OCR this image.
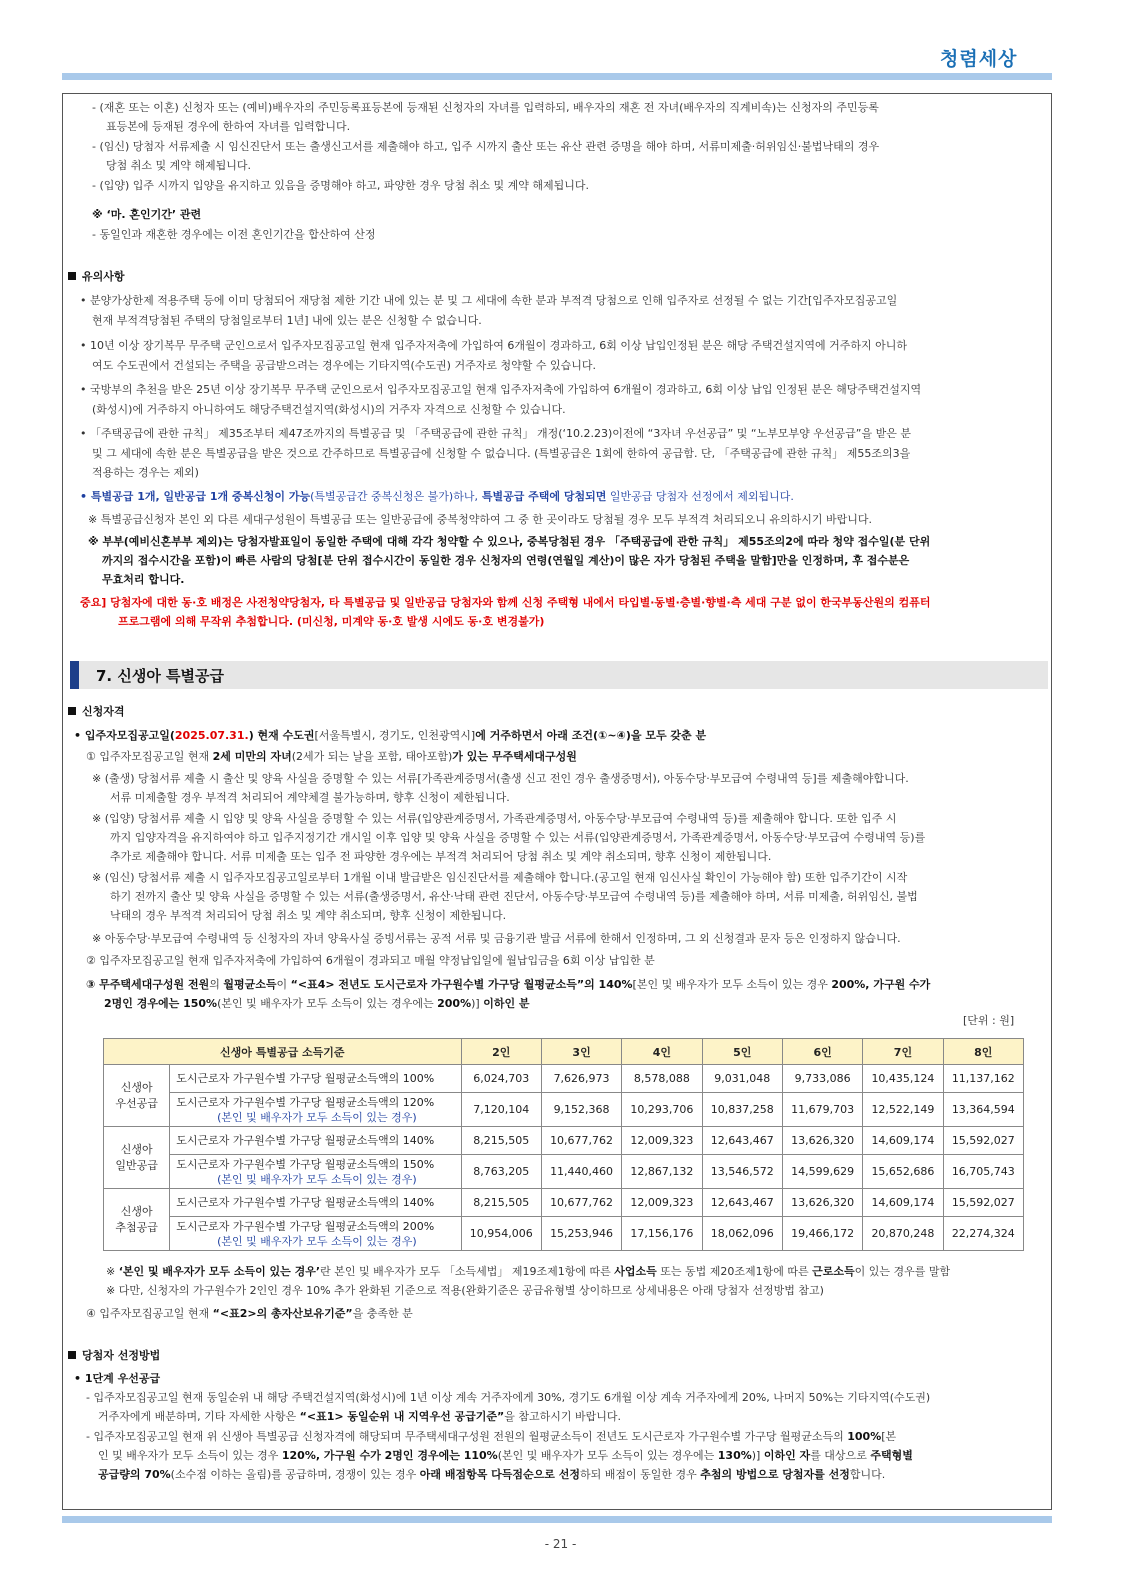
청렴세상
- (재혼 또는 이혼) 신청자 또는 (예비)배우자의 주민등록표등본에 등재된 신청자의 자녀를 입력하되, 배우자의 재혼 전 자녀(배우자의 직계비속)는 신청자의 주민등록
표등본에 등재된 경우에 한하여 자녀를 입력합니다.
- (임신) 당첨자 서류제출 시 임신진단서 또는 출생신고서를 제출해야 하고, 입주 시까지 출산 또는 유산 관련 증명을 해야 하며, 서류미제출·허위임신·불법낙태의 경우
당첨 취소 및 계약 해제됩니다.
- (입양) 입주 시까지 입양을 유지하고 있음을 증명해야 하고, 파양한 경우 당첨 취소 및 계약 해제됩니다.
※ ‘마. 혼인기간’ 관련
- 동일인과 재혼한 경우에는 이전 혼인기간을 합산하여 산정
유의사항
• 분양가상한제 적용주택 등에 이미 당첨되어 재당첨 제한 기간 내에 있는 분 및 그 세대에 속한 분과 부적격 당첨으로 인해 입주자로 선정될 수 없는 기간[입주자모집공고일
현재 부적격당첨된 주택의 당첨일로부터 1년] 내에 있는 분은 신청할 수 없습니다.
• 10년 이상 장기복무 무주택 군인으로서 입주자모집공고일 현재 입주자저축에 가입하여 6개월이 경과하고, 6회 이상 납입인정된 분은 해당 주택건설지역에 거주하지 아니하
여도 수도권에서 건설되는 주택을 공급받으려는 경우에는 기타지역(수도권) 거주자로 청약할 수 있습니다.
• 국방부의 추천을 받은 25년 이상 장기복무 무주택 군인으로서 입주자모집공고일 현재 입주자저축에 가입하여 6개월이 경과하고, 6회 이상 납입 인정된 분은 해당주택건설지역
(화성시)에 거주하지 아니하여도 해당주택건설지역(화성시)의 거주자 자격으로 신청할 수 있습니다.
• 「주택공급에 관한 규칙」 제35조부터 제47조까지의 특별공급 및 「주택공급에 관한 규칙」 개정(‘10.2.23)이전에 “3자녀 우선공급” 및 “노부모부양 우선공급”을 받은 분
및 그 세대에 속한 분은 특별공급을 받은 것으로 간주하므로 특별공급에 신청할 수 없습니다. (특별공급은 1회에 한하여 공급함. 단, 「주택공급에 관한 규칙」 제55조의3을
적용하는 경우는 제외)
• 특별공급 1개, 일반공급 1개 중복신청이 가능(특별공급간 중복신청은 불가)하나, 특별공급 주택에 당첨되면 일반공급 당첨자 선정에서 제외됩니다.
※ 특별공급신청자 본인 외 다른 세대구성원이 특별공급 또는 일반공급에 중복청약하여 그 중 한 곳이라도 당첨될 경우 모두 부적격 처리되오니 유의하시기 바랍니다.
※ 부부(예비신혼부부 제외)는 당첨자발표일이 동일한 주택에 대해 각각 청약할 수 있으나, 중복당첨된 경우 「주택공급에 관한 규칙」 제55조의2에 따라 청약 접수일(분 단위
까지의 접수시간을 포함)이 빠른 사람의 당첨[분 단위 접수시간이 동일한 경우 신청자의 연령(연월일 계산)이 많은 자가 당첨된 주택을 말함]만을 인정하며, 후 접수분은
무효처리 합니다.
중요] 당첨자에 대한 동·호 배정은 사전청약당첨자, 타 특별공급 및 일반공급 당첨자와 함께 신청 주택형 내에서 타입별·동별·층별·향별·측 세대 구분 없이 한국부동산원의 컴퓨터
프로그램에 의해 무작위 추첨합니다. (미신청, 미계약 동·호 발생 시에도 동·호 변경불가)
7. 신생아 특별공급
신청자격
• 입주자모집공고일(2025.07.31.) 현재 수도권[서울특별시, 경기도, 인천광역시]에 거주하면서 아래 조건(①~④)을 모두 갖춘 분
① 입주자모집공고일 현재 2세 미만의 자녀(2세가 되는 날을 포함, 태아포함)가 있는 무주택세대구성원
※ (출생) 당첨서류 제출 시 출산 및 양육 사실을 증명할 수 있는 서류[가족관계증명서(출생 신고 전인 경우 출생증명서), 아동수당·부모급여 수령내역 등]를 제출해야합니다.
서류 미제출할 경우 부적격 처리되어 계약체결 불가능하며, 향후 신청이 제한됩니다.
※ (입양) 당첨서류 제출 시 입양 및 양육 사실을 증명할 수 있는 서류(입양관계증명서, 가족관계증명서, 아동수당·부모급여 수령내역 등)를 제출해야 합니다. 또한 입주 시
까지 입양자격을 유지하여야 하고 입주지정기간 개시일 이후 입양 및 양육 사실을 증명할 수 있는 서류(입양관계증명서, 가족관계증명서, 아동수당·부모급여 수령내역 등)를
추가로 제출해야 합니다. 서류 미제출 또는 입주 전 파양한 경우에는 부적격 처리되어 당첨 취소 및 계약 취소되며, 향후 신청이 제한됩니다.
※ (임신) 당첨서류 제출 시 입주자모집공고일로부터 1개월 이내 발급받은 임신진단서를 제출해야 합니다.(공고일 현재 임신사실 확인이 가능해야 함) 또한 입주기간이 시작
하기 전까지 출산 및 양육 사실을 증명할 수 있는 서류(출생증명서, 유산·낙태 관련 진단서, 아동수당·부모급여 수령내역 등)를 제출해야 하며, 서류 미제출, 허위임신, 불법
낙태의 경우 부적격 처리되어 당첨 취소 및 계약 취소되며, 향후 신청이 제한됩니다.
※ 아동수당·부모급여 수령내역 등 신청자의 자녀 양육사실 증빙서류는 공적 서류 및 금융기관 발급 서류에 한해서 인정하며, 그 외 신청결과 문자 등은 인정하지 않습니다.
② 입주자모집공고일 현재 입주자저축에 가입하여 6개월이 경과되고 매월 약정납입일에 월납입금을 6회 이상 납입한 분
③ 무주택세대구성원 전원의 월평균소득이 “<표4> 전년도 도시근로자 가구원수별 가구당 월평균소득”의 140%[본인 및 배우자가 모두 소득이 있는 경우 200%, 가구원 수가
2명인 경우에는 150%(본인 및 배우자가 모두 소득이 있는 경우에는 200%)] 이하인 분
[단위 : 원]
신생아 특별공급 소득기준		2인	3인	4인	5인	6인	7인	8인

신생아
우선공급	도시근로자 가구원수별 가구당 월평균소득액의 100%	6,024,703	7,626,973	8,578,088	9,031,048	9,733,086	10,435,124	11,137,162
	도시근로자 가구원수별 가구당 월평균소득액의 120%
(본인 및 배우자가 모두 소득이 있는 경우)	7,120,104	9,152,368	10,293,706	10,837,258	11,679,703	12,522,149	13,364,594

신생아
일반공급	도시근로자 가구원수별 가구당 월평균소득액의 140%	8,215,505	10,677,762	12,009,323	12,643,467	13,626,320	14,609,174	15,592,027
	도시근로자 가구원수별 가구당 월평균소득액의 150%
(본인 및 배우자가 모두 소득이 있는 경우)	8,763,205	11,440,460	12,867,132	13,546,572	14,599,629	15,652,686	16,705,743

신생아
추첨공급	도시근로자 가구원수별 가구당 월평균소득액의 140%	8,215,505	10,677,762	12,009,323	12,643,467	13,626,320	14,609,174	15,592,027
	도시근로자 가구원수별 가구당 월평균소득액의 200%
(본인 및 배우자가 모두 소득이 있는 경우)	10,954,006	15,253,946	17,156,176	18,062,096	19,466,172	20,870,248	22,274,324
※ ‘본인 및 배우자가 모두 소득이 있는 경우’란 본인 및 배우자가 모두 「소득세법」 제19조제1항에 따른 사업소득 또는 동법 제20조제1항에 따른 근로소득이 있는 경우를 말함
※ 다만, 신청자의 가구원수가 2인인 경우 10% 추가 완화된 기준으로 적용(완화기준은 공급유형별 상이하므로 상세내용은 아래 당첨자 선정방법 참고)
④ 입주자모집공고일 현재 “<표2>의 총자산보유기준”을 충족한 분
당첨자 선정방법
• 1단계 우선공급
- 입주자모집공고일 현재 동일순위 내 해당 주택건설지역(화성시)에 1년 이상 계속 거주자에게 30%, 경기도 6개월 이상 계속 거주자에게 20%, 나머지 50%는 기타지역(수도권)
거주자에게 배분하며, 기타 자세한 사항은 “<표1> 동일순위 내 지역우선 공급기준”을 참고하시기 바랍니다.
- 입주자모집공고일 현재 위 신생아 특별공급 신청자격에 해당되며 무주택세대구성원 전원의 월평균소득이 전년도 도시근로자 가구원수별 가구당 월평균소득의 100%[본
인 및 배우자가 모두 소득이 있는 경우 120%, 가구원 수가 2명인 경우에는 110%(본인 및 배우자가 모두 소득이 있는 경우에는 130%)] 이하인 자를 대상으로 주택형별
공급량의 70%(소수점 이하는 올림)를 공급하며, 경쟁이 있는 경우 아래 배점항목 다득점순으로 선정하되 배점이 동일한 경우 추첨의 방법으로 당첨자를 선정합니다.
- 21 -
